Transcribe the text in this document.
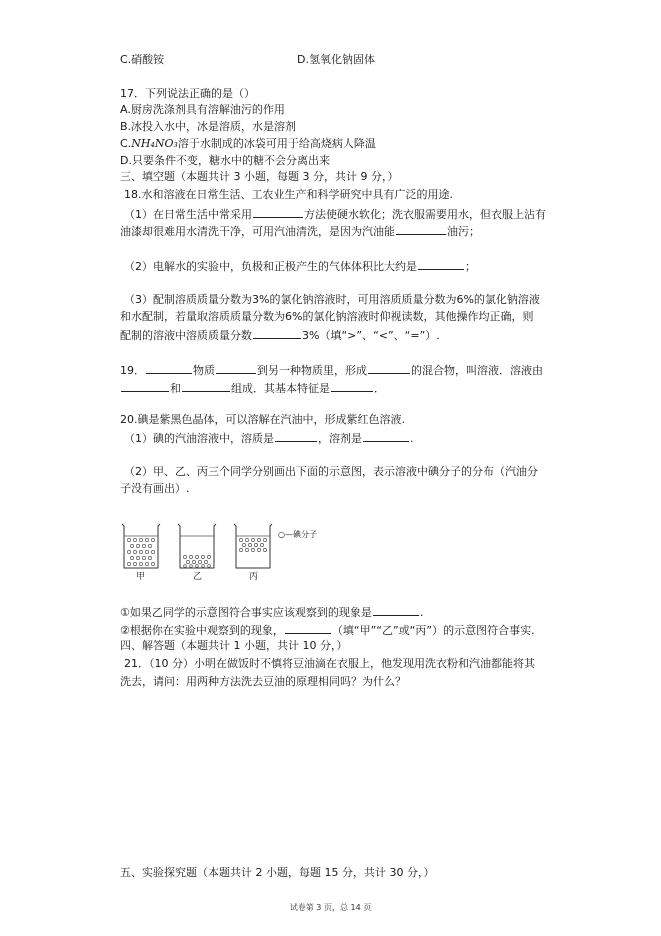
C.硝酸铵	D.氢氧化钠固体
17．下列说法正确的是（）
A.厨房洗涤剂具有溶解油污的作用
B.冰投入水中，冰是溶质，水是溶剂
C.NH₄NO₃溶于水制成的冰袋可用于给高烧病人降温
D.只要条件不变，糖水中的糖不会分离出来
三、填空题（本题共计 3 小题，每题 3 分，共计 9 分，）
18.水和溶液在日常生活、工农业生产和科学研究中具有广泛的用途.
（1）在日常生活中常采用	方法使硬水软化；洗衣服需要用水，但衣服上沾有
油漆却很难用水清洗干净，可用汽油清洗，是因为汽油能	油污；
（2）电解水的实验中，负极和正极产生的气体体积比大约是	；
（3）配制溶质质量分数为3%的氯化钠溶液时，可用溶质质量分数为6%的氯化钠溶液
和水配制，若量取溶质质量分数为6%的氯化钠溶液时仰视读数，其他操作均正确，则
配制的溶液中溶质质量分数	3%（填“>”、“<”、“=”）.
19．	物质	到另一种物质里，形成	的混合物，叫溶液．溶液由
和	组成．其基本特征是	．
20.碘是紫黑色晶体，可以溶解在汽油中，形成紫红色溶液.
（1）碘的汽油溶液中，溶质是	，溶剂是	.
（2）甲、乙、丙三个同学分别画出下面的示意图，表示溶液中碘分子的分布（汽油分
子没有画出）.
○—碘分子
甲	乙	丙
①如果乙同学的示意图符合事实应该观察到的现象是	.
②根据你在实验中观察到的现象，	（填“甲”“乙”或“丙”）的示意图符合事实.
四、解答题（本题共计 1 小题，共计 10 分，）
21．（10 分）小明在做饭时不慎将豆油滴在衣服上，他发现用洗衣粉和汽油都能将其
洗去，请问：用两种方法洗去豆油的原理相同吗？为什么？
五、实验探究题（本题共计 2 小题，每题 15 分，共计 30 分，）
试卷第 3 页，总 14 页
